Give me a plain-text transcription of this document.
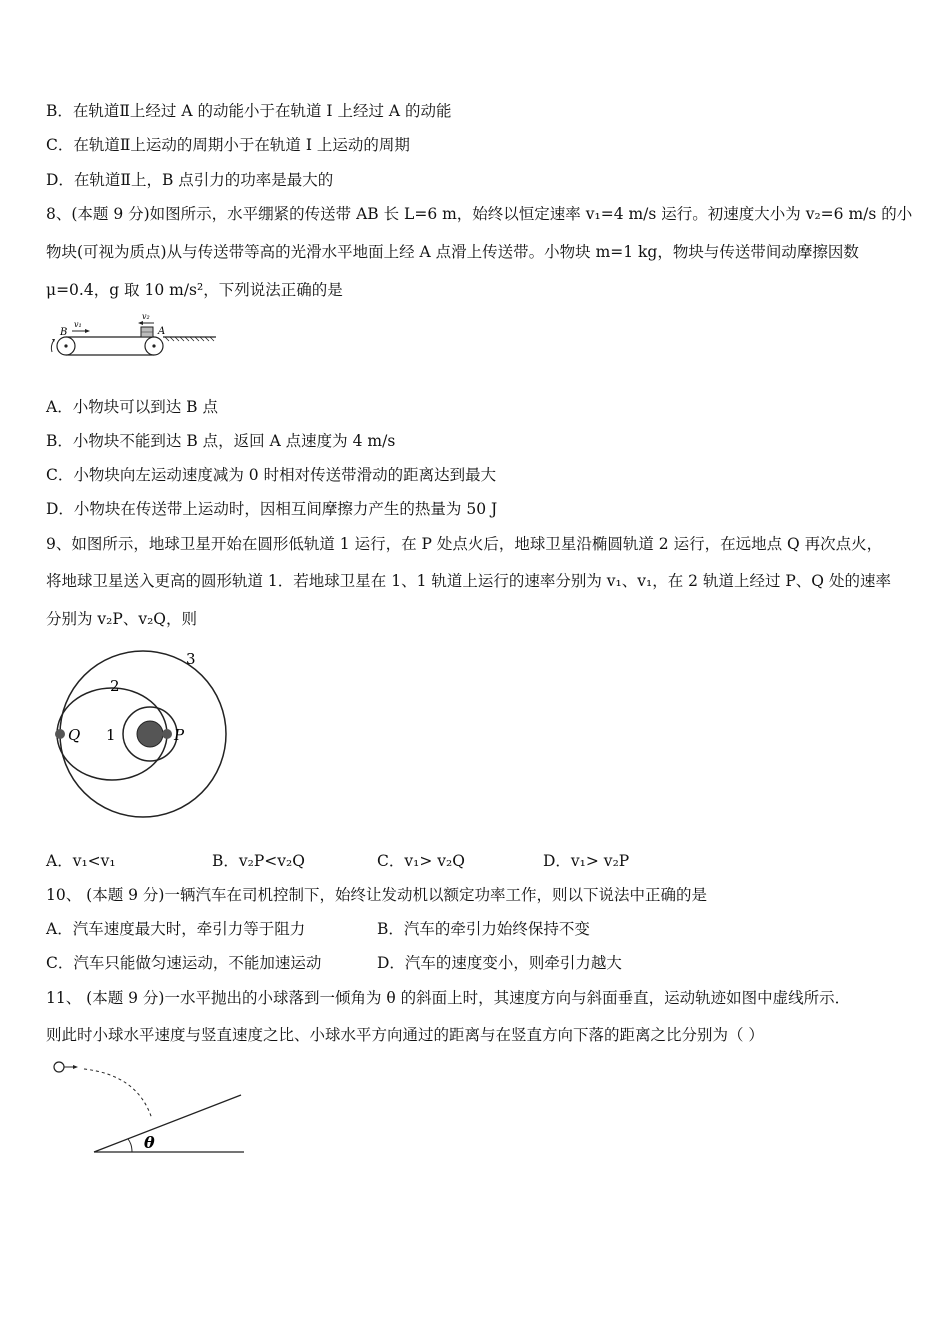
B．在轨道Ⅱ上经过 A 的动能小于在轨道 I 上经过 A 的动能
C．在轨道Ⅱ上运动的周期小于在轨道 I 上运动的周期
D．在轨道Ⅱ上，B 点引力的功率是最大的
8、(本题 9 分)如图所示，水平绷紧的传送带 AB 长 L=6 m，始终以恒定速率 v₁=4 m/s 运行。初速度大小为 v₂=6 m/s 的小
物块(可视为质点)从与传送带等高的光滑水平地面上经 A 点滑上传送带。小物块 m=1 kg，物块与传送带间动摩擦因数
μ=0.4，g 取 10 m/s²，下列说法正确的是
B	A
v₁
v₂
A．小物块可以到达 B 点
B．小物块不能到达 B 点，返回 A 点速度为 4 m/s
C．小物块向左运动速度减为 0 时相对传送带滑动的距离达到最大
D．小物块在传送带上运动时，因相互间摩擦力产生的热量为 50 J
9、如图所示，地球卫星开始在圆形低轨道 1 运行，在 P 处点火后，地球卫星沿椭圆轨道 2 运行，在远地点 Q 再次点火，
将地球卫星送入更高的圆形轨道 1．若地球卫星在 1、1 轨道上运行的速率分别为 v₁、v₁，在 2 轨道上经过 P、Q 处的速率
分别为 v₂P、v₂Q，则
3
2
1
Q	P
A．v₁<v₁	B．v₂P<v₂Q	C．v₁> v₂Q	D．v₁> v₂P
10、 (本题 9 分)一辆汽车在司机控制下，始终让发动机以额定功率工作，则以下说法中正确的是
A．汽车速度最大时，牵引力等于阻力	B．汽车的牵引力始终保持不变
C．汽车只能做匀速运动，不能加速运动	D．汽车的速度变小，则牵引力越大
11、 (本题 9 分)一水平抛出的小球落到一倾角为 θ 的斜面上时，其速度方向与斜面垂直，运动轨迹如图中虚线所示．
则此时小球水平速度与竖直速度之比、小球水平方向通过的距离与在竖直方向下落的距离之比分别为（ ）
θ
